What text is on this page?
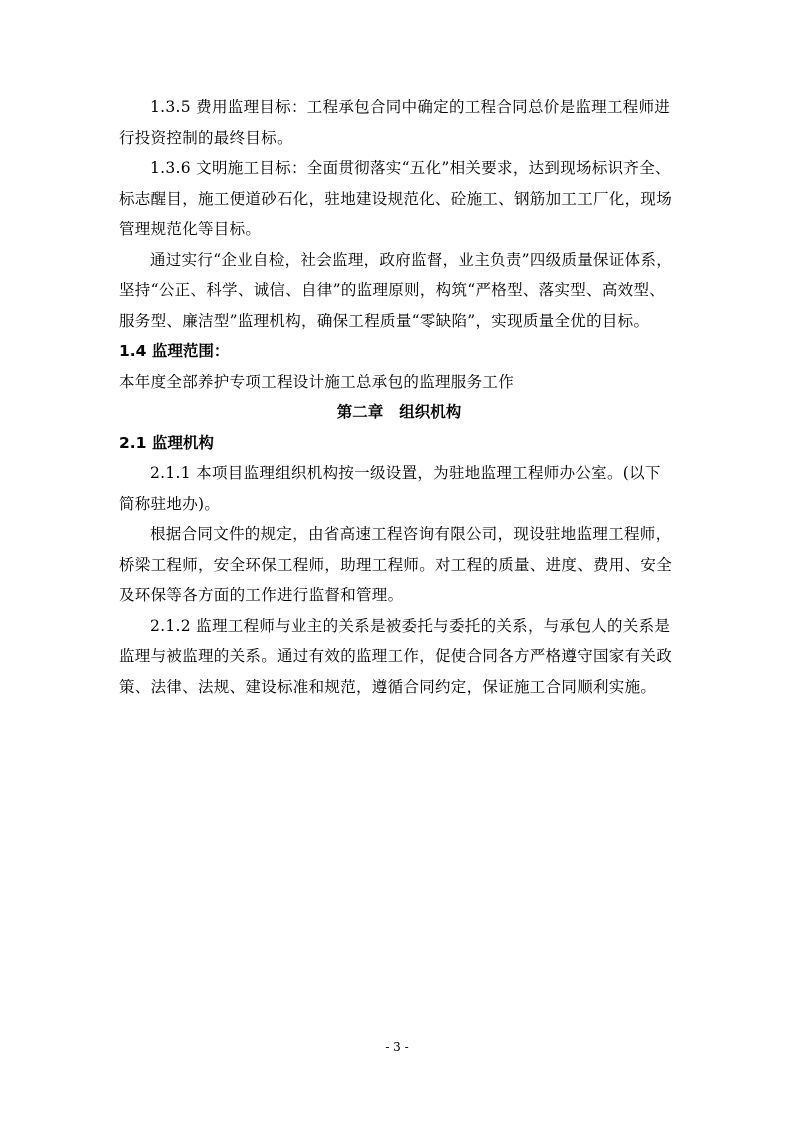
1.3.5 费用监理目标：工程承包合同中确定的工程合同总价是监理工程师进
行投资控制的最终目标。

1.3.6 文明施工目标：全面贯彻落实“五化”相关要求，达到现场标识齐全、
标志醒目，施工便道砂石化，驻地建设规范化、砼施工、钢筋加工工厂化，现场
管理规范化等目标。

通过实行“企业自检，社会监理，政府监督，业主负责”四级质量保证体系，
坚持“公正、科学、诚信、自律”的监理原则，构筑“严格型、落实型、高效型、
服务型、廉洁型”监理机构，确保工程质量“零缺陷”，实现质量全优的目标。

1.4 监理范围：

本年度全部养护专项工程设计施工总承包的监理服务工作

第二章 组织机构

2.1 监理机构

2.1.1 本项目监理组织机构按一级设置，为驻地监理工程师办公室。(以下
简称驻地办)。

根据合同文件的规定，由省高速工程咨询有限公司，现设驻地监理工程师，
桥梁工程师，安全环保工程师，助理工程师。对工程的质量、进度、费用、安全
及环保等各方面的工作进行监督和管理。

2.1.2 监理工程师与业主的关系是被委托与委托的关系，与承包人的关系是
监理与被监理的关系。通过有效的监理工作，促使合同各方严格遵守国家有关政
策、法律、法规、建设标准和规范，遵循合同约定，保证施工合同顺利实施。

- 3 -
